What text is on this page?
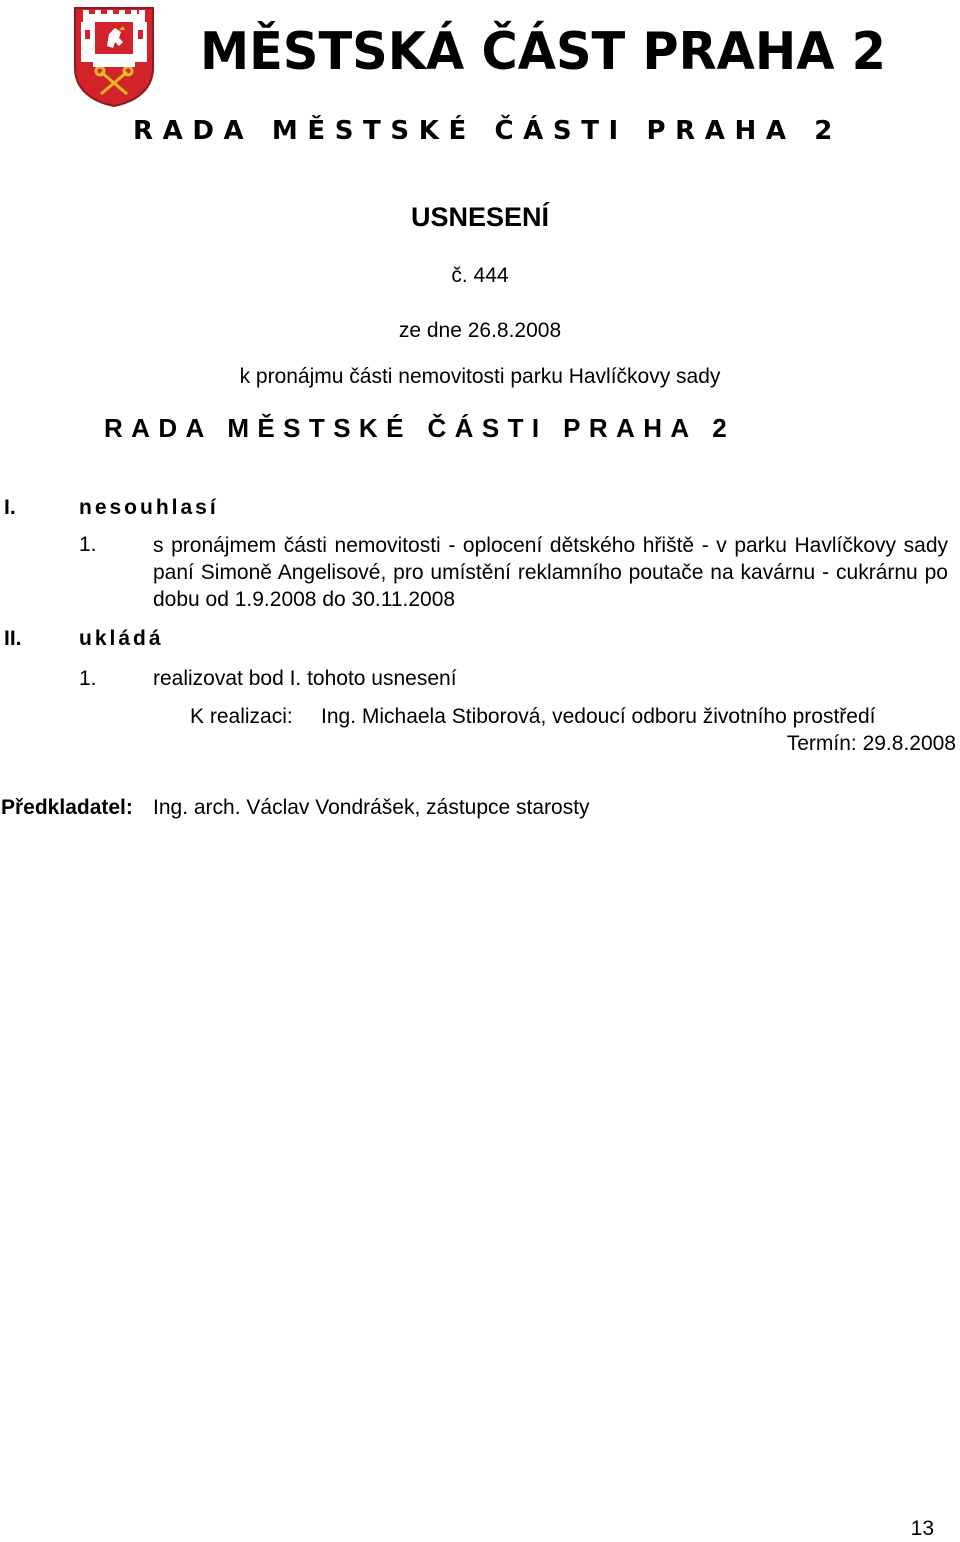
MĚSTSKÁ ČÁST PRAHA 2
RADA MĚSTSKÉ ČÁSTI PRAHA 2
USNESENÍ
č. 444
ze dne 26.8.2008
k pronájmu části nemovitosti parku Havlíčkovy sady
RADA MĚSTSKÉ ČÁSTI PRAHA 2
I.	nesouhlasí
1.	s pronájmem části nemovitosti - oplocení dětského hřiště - v parku Havlíčkovy sady paní Simoně Angelisové, pro umístění reklamního poutače na kavárnu - cukrárnu po dobu od 1.9.2008 do 30.11.2008
II.	ukládá
1.	realizovat bod I. tohoto usnesení
K realizaci: Ing. Michaela Stiborová, vedoucí odboru životního prostředí
Termín: 29.8.2008
Předkladatel: Ing. arch. Václav Vondrášek, zástupce starosty
13
